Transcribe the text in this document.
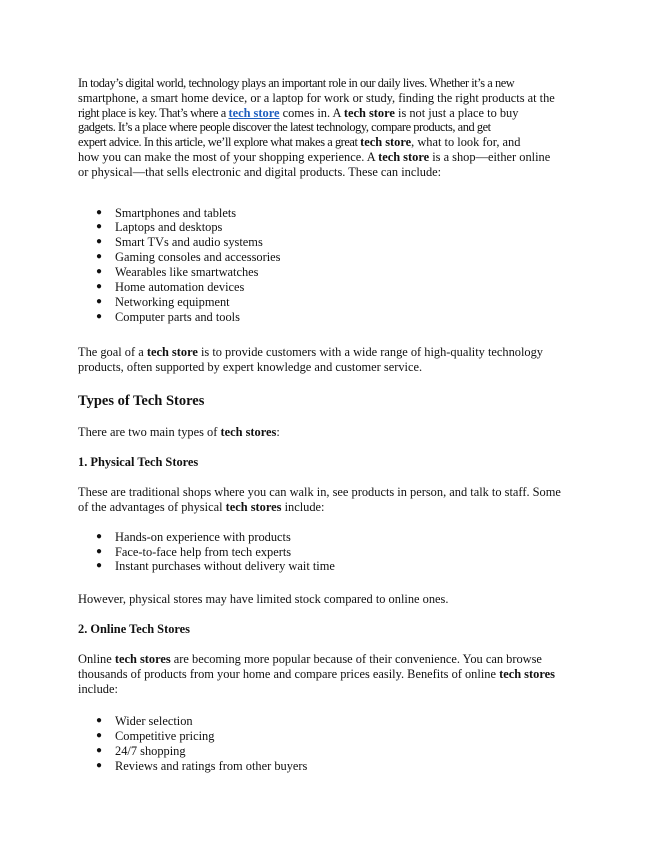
In today’s digital world, technology plays an important role in our daily lives. Whether it’s a new
smartphone, a smart home device, or a laptop for work or study, finding the right products at the
right place is key. That’s where a tech store comes in. A tech store is not just a place to buy
gadgets. It’s a place where people discover the latest technology, compare products, and get
expert advice. In this article, we’ll explore what makes a great tech store, what to look for, and
how you can make the most of your shopping experience. A tech store is a shop—either online
or physical—that sells electronic and digital products. These can include:

● Smartphones and tablets
● Laptops and desktops
● Smart TVs and audio systems
● Gaming consoles and accessories
● Wearables like smartwatches
● Home automation devices
● Networking equipment
● Computer parts and tools

The goal of a tech store is to provide customers with a wide range of high-quality technology
products, often supported by expert knowledge and customer service.

Types of Tech Stores

There are two main types of tech stores:

1. Physical Tech Stores

These are traditional shops where you can walk in, see products in person, and talk to staff. Some
of the advantages of physical tech stores include:

● Hands-on experience with products
● Face-to-face help from tech experts
● Instant purchases without delivery wait time

However, physical stores may have limited stock compared to online ones.

2. Online Tech Stores

Online tech stores are becoming more popular because of their convenience. You can browse
thousands of products from your home and compare prices easily. Benefits of online tech stores
include:

● Wider selection
● Competitive pricing
● 24/7 shopping
● Reviews and ratings from other buyers
